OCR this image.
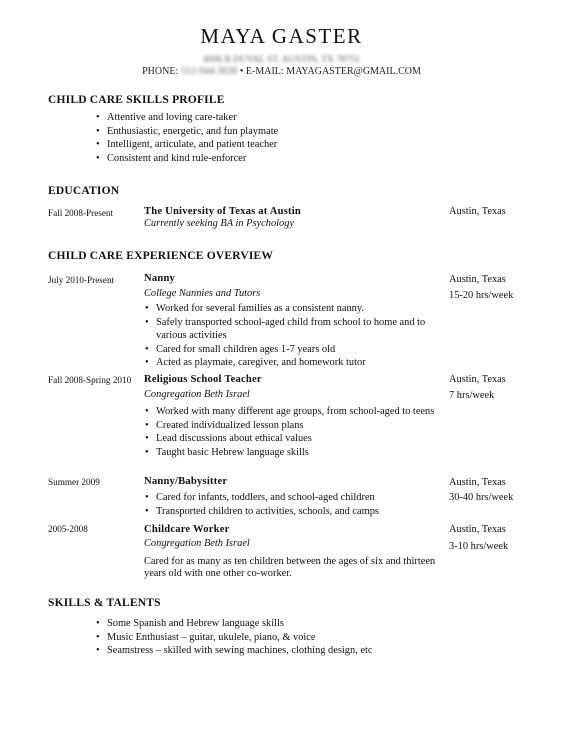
MAYA GASTER
4006 B DUVAL ST. AUSTIN, TX 78751
PHONE: 512-944-3030 • E-MAIL: MAYAGASTER@GMAIL.COM
CHILD CARE SKILLS PROFILE
• Attentive and loving care-taker
• Enthusiastic, energetic, and fun playmate
• Intelligent, articulate, and patient teacher
• Consistent and kind rule-enforcer
EDUCATION
Fall 2008-Present	The University of Texas at Austin
Currently seeking BA in Psychology
Austin, Texas
CHILD CARE EXPERIENCE OVERVIEW
July 2010-Present	Nanny
College Nannies and Tutors
Austin, Texas
15-20 hrs/week
• Worked for several families as a consistent nanny.
• Safely transported school-aged child from school to home and to various activities
• Cared for small children ages 1-7 years old
• Acted as playmate, caregiver, and homework tutor
Fall 2008-Spring 2010 Religious School Teacher
Congregation Beth Israel
Austin, Texas
7 hrs/week
• Worked with many different age groups, from school-aged to teens
• Created individualized lesson plans
• Lead discussions about ethical values
• Taught basic Hebrew language skills
Summer 2009	Nanny/Babysitter	Austin, Texas
30-40 hrs/week
• Cared for infants, toddlers, and school-aged children
• Transported children to activities, schools, and camps
2005-2008	Childcare Worker
Congregation Beth Israel
Austin, Texas
3-10 hrs/week

Cared for as many as ten children between the ages of six and thirteen years old with one other co-worker.

SKILLS & TALENTS
• Some Spanish and Hebrew language skills
• Music Enthusiast – guitar, ukulele, piano, & voice
• Seamstress – skilled with sewing machines, clothing design, etc
